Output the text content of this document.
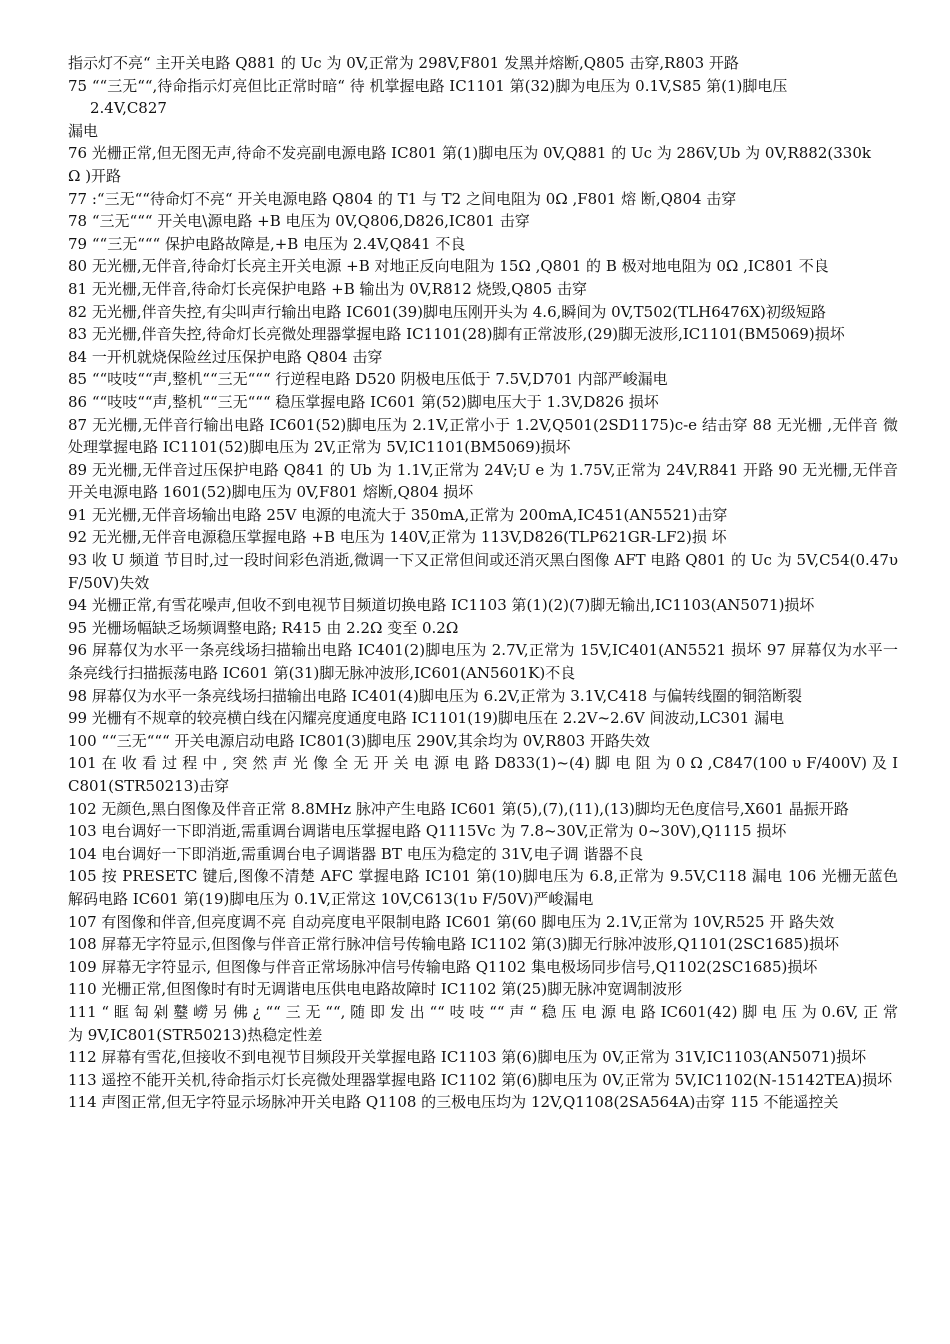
指示灯不亮“ 主开关电路 Q881 的 Uc 为 0V,正常为 298V,F801 发黑并熔断,Q805 击穿,R803 开路

75 ““三无““,待命指示灯亮但比正常时暗“ 待 机掌握电路 IC1101 第(32)脚为电压为 0.1V,S85 第(1)脚电压

2.4V,C827

漏电

76 光栅正常,但无图无声,待命不发亮副电源电路 IC801 第(1)脚电压为 0V,Q881 的 Uc 为 286V,Ub 为 0V,R882(330k

Ω )开路

77 :“三无““待命灯不亮“ 开关电源电路 Q804 的 T1 与 T2 之间电阻为 0Ω ,F801 熔 断,Q804 击穿

78 “三无“““ 开关电\源电路 +B 电压为 0V,Q806,D826,IC801 击穿

79 ““三无“““ 保护电路故障是,+B 电压为 2.4V,Q841 不良

80 无光栅,无伴音,待命灯长亮主开关电源 +B 对地正反向电阻为 15Ω ,Q801 的 B 极对地电阻为 0Ω ,IC801 不良

81 无光栅,无伴音,待命灯长亮保护电路 +B 输出为 0V,R812 烧毁,Q805 击穿

82 无光栅,伴音失控,有尖叫声行输出电路 IC601(39)脚电压刚开头为 4.6,瞬间为 0V,T502(TLH6476X)初级短路

83 无光栅,伴音失控,待命灯长亮微处理器掌握电路 IC1101(28)脚有正常波形,(29)脚无波形,IC1101(BM5069)损坏

84 一开机就烧保险丝过压保护电路 Q804 击穿

85 ““吱吱““声,整机““三无“““ 行逆程电路 D520 阴极电压低于 7.5V,D701 内部严峻漏电

86 ““吱吱““声,整机““三无“““ 稳压掌握电路 IC601 第(52)脚电压大于 1.3V,D826 损坏

87 无光栅,无伴音行输出电路 IC601(52)脚电压为 2.1V,正常小于 1.2V,Q501(2SD1175)c-e 结击穿 88 无光栅 ,无伴音 微处理掌握电路 IC1101(52)脚电压为 2V,正常为 5V,IC1101(BM5069)损坏

89 无光栅,无伴音过压保护电路 Q841 的 Ub 为 1.1V,正常为 24V;U e 为 1.75V,正常为 24V,R841 开路 90 无光栅,无伴音开关电源电路 1601(52)脚电压为 0V,F801 熔断,Q804 损坏

91 无光栅,无伴音场输出电路 25V 电源的电流大于 350mA,正常为 200mA,IC451(AN5521)击穿

92 无光栅,无伴音电源稳压掌握电路 +B 电压为 140V,正常为 113V,D826(TLP621GR-LF2)损 坏

93 收 U 频道 节目时,过一段时间彩色消逝,微调一下又正常但间或还消灭黑白图像 AFT 电路 Q801 的 Uc 为 5V,C54(0.47υ F/50V)失效

94 光栅正常,有雪花噪声,但收不到电视节目频道切换电路 IC1103 第(1)(2)(7)脚无输出,IC1103(AN5071)损坏

95 光栅场幅缺乏场频调整电路; R415 由 2.2Ω 变至 0.2Ω

96 屏幕仅为水平一条亮线场扫描输出电路 IC401(2)脚电压为 2.7V,正常为 15V,IC401(AN5521 损坏 97 屏幕仅为水平一条亮线行扫描振荡电路 IC601 第(31)脚无脉冲波形,IC601(AN5601K)不良

98 屏幕仅为水平一条亮线场扫描输出电路 IC401(4)脚电压为 6.2V,正常为 3.1V,C418 与偏转线圈的铜箔断裂

99 光栅有不规章的较亮横白线在闪耀亮度通度电路 IC1101(19)脚电压在 2.2V~2.6V 间波动,LC301 漏电

100 ““三无“““ 开关电源启动电路 IC801(3)脚电压 290V,其余均为 0V,R803 开路失效

101 在 收 看 过 程 中 , 突 然 声 光 像 全 无 开 关 电 源 电 路 D833(1)~(4) 脚 电 阻 为 0 Ω ,C847(100 υ F/400V) 及 IC801(STR50213)击穿

102 无颜色,黑白图像及伴音正常 8.8MHz 脉冲产生电路 IC601 第(5),(7),(11),(13)脚均无色度信号,X601 晶振开路

103 电台调好一下即消逝,需重调台调谐电压掌握电路 Q1115Vc 为 7.8~30V,正常为 0~30V),Q1115 损坏

104 电台调好一下即消逝,需重调台电子调谐器 BT 电压为稳定的 31V,电子调 谐器不良

105 按 PRESETC 键后,图像不清楚 AFC 掌握电路 IC101 第(10)脚电压为 6.8,正常为 9.5V,C118 漏电 106 光栅无蓝色 解码电路 IC601 第(19)脚电压为 0.1V,正常这 10V,C613(1υ F/50V)严峻漏电

107 有图像和伴音,但亮度调不亮 自动亮度电平限制电路 IC601 第(60 脚电压为 2.1V,正常为 10V,R525 开 路失效

108 屏幕无字符显示,但图像与伴音正常行脉冲信号传输电路 IC1102 第(3)脚无行脉冲波形,Q1101(2SC1685)损坏

109 屏幕无字符显示, 但图像与伴音正常场脉冲信号传输电路 Q1102 集电极场同步信号,Q1102(2SC1685)损坏

110 光栅正常,但图像时有时无调谐电压供电电路故障时 IC1102 第(25)脚无脉冲宽调制波形

111 “ 眶 匋 剁 鼞 嶗 另 佛 ¿ ““ 三 无 ““, 随 即 发 出 ““ 吱 吱 ““ 声 “ 稳 压 电 源 电 路 IC601(42) 脚 电 压 为 0.6V, 正 常 为 9V,IC801(STR50213)热稳定性差

112 屏幕有雪花,但接收不到电视节目频段开关掌握电路 IC1103 第(6)脚电压为 0V,正常为 31V,IC1103(AN5071)损坏

113 遥控不能开关机,待命指示灯长亮微处理器掌握电路 IC1102 第(6)脚电压为 0V,正常为 5V,IC1102(N-15142TEA)损坏

114 声图正常,但无字符显示场脉冲开关电路 Q1108 的三极电压均为 12V,Q1108(2SA564A)击穿 115 不能遥控关
